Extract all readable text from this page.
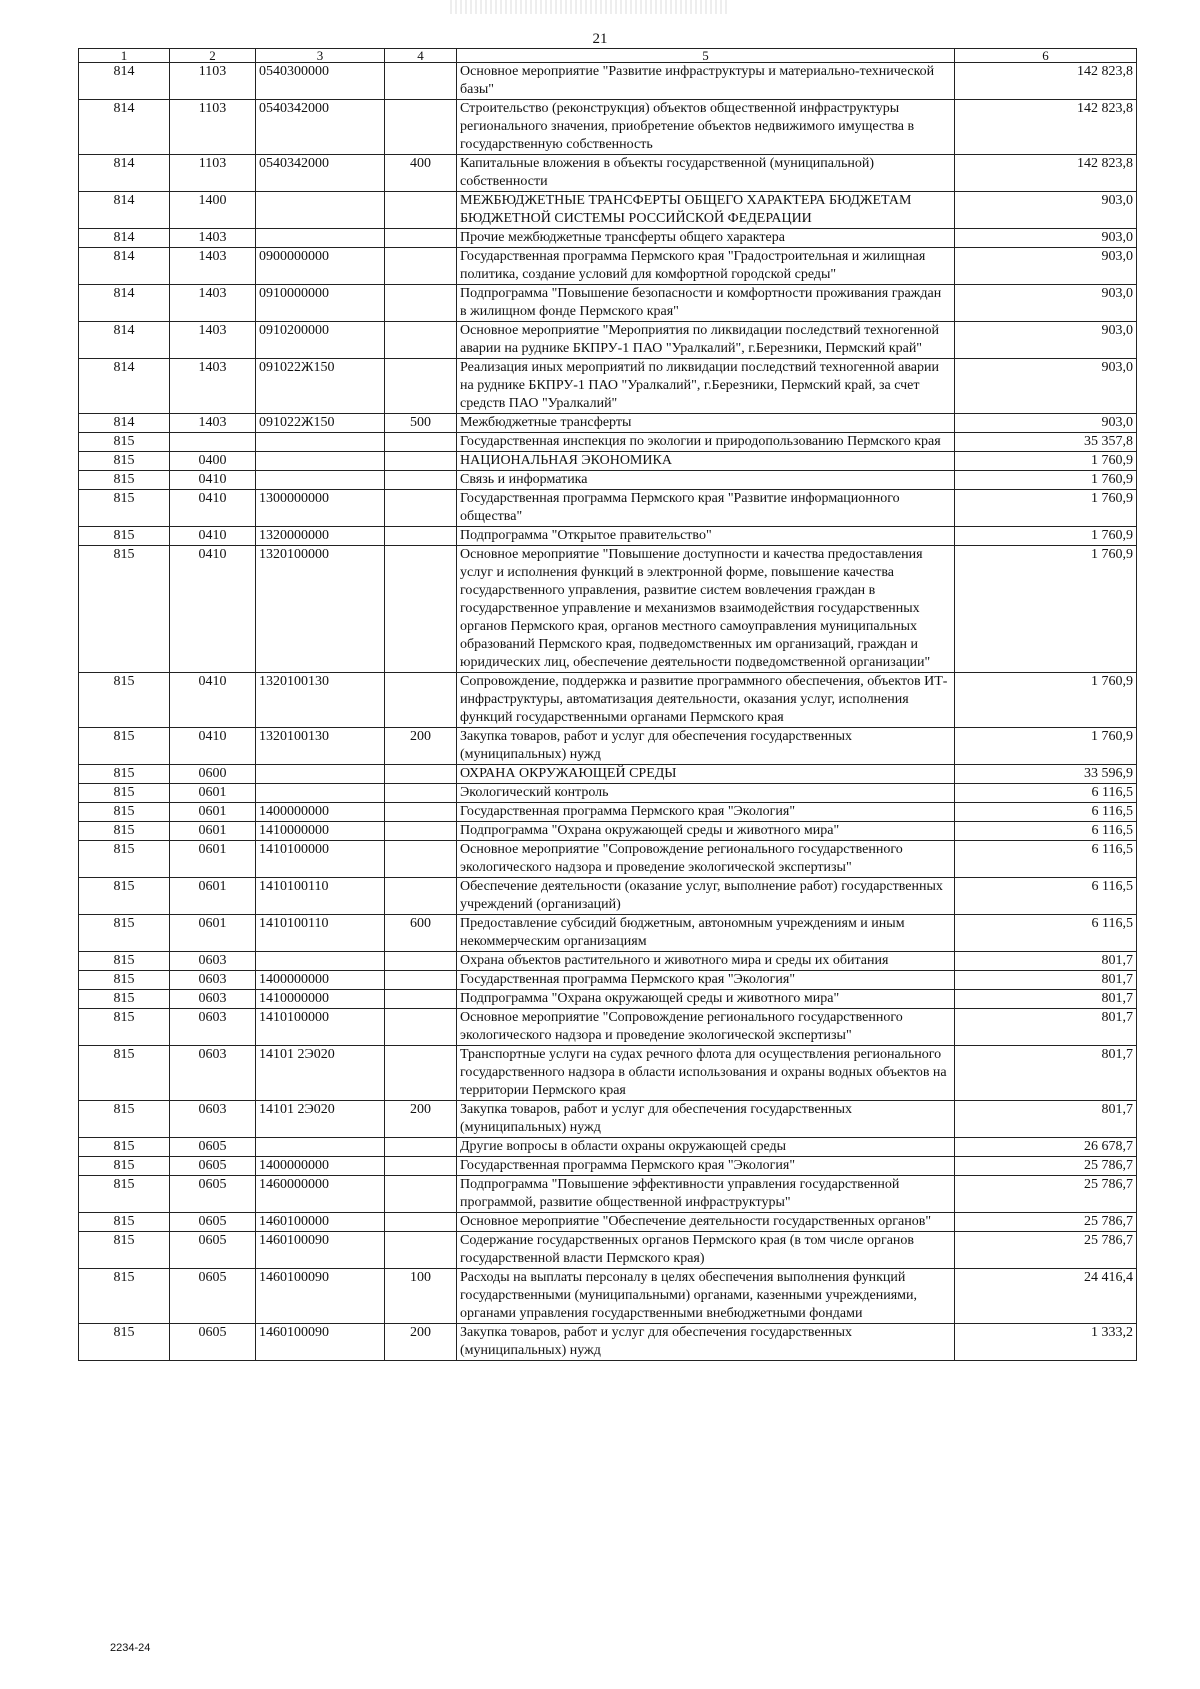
21
1	2	3	4	5	6
814	1103	0540300000		Основное мероприятие "Развитие инфраструктуры и материально-технической базы"	142 823,8
814	1103	0540342000		Строительство (реконструкция) объектов общественной инфраструктуры регионального значения, приобретение объектов недвижимого имущества в государственную собственность	142 823,8
814	1103	0540342000	400	Капитальные вложения в объекты государственной (муниципальной) собственности	142 823,8
814	1400			МЕЖБЮДЖЕТНЫЕ ТРАНСФЕРТЫ ОБЩЕГО ХАРАКТЕРА БЮДЖЕТАМ БЮДЖЕТНОЙ СИСТЕМЫ РОССИЙСКОЙ ФЕДЕРАЦИИ	903,0
814	1403			Прочие межбюджетные трансферты общего характера	903,0
814	1403	0900000000		Государственная программа Пермского края "Градостроительная и жилищная политика, создание условий для комфортной городской среды"	903,0
814	1403	0910000000		Подпрограмма "Повышение безопасности и комфортности проживания граждан в жилищном фонде Пермского края"	903,0
814	1403	0910200000		Основное мероприятие "Мероприятия по ликвидации последствий техногенной аварии на руднике БКПРУ-1 ПАО "Уралкалий", г.Березники, Пермский край"	903,0
814	1403	091022Ж150		Реализация иных мероприятий по ликвидации последствий техногенной аварии на руднике БКПРУ-1 ПАО "Уралкалий", г.Березники, Пермский край, за счет средств ПАО "Уралкалий"	903,0
814	1403	091022Ж150	500	Межбюджетные трансферты	903,0
815				Государственная инспекция по экологии и природопользованию Пермского края	35 357,8
815	0400			НАЦИОНАЛЬНАЯ ЭКОНОМИКА	1 760,9
815	0410			Связь и информатика	1 760,9
815	0410	1300000000		Государственная программа Пермского края "Развитие информационного общества"	1 760,9
815	0410	1320000000		Подпрограмма "Открытое правительство"	1 760,9
815	0410	1320100000		Основное мероприятие "Повышение доступности и качества предоставления услуг и исполнения функций в электронной форме, повышение качества государственного управления, развитие систем вовлечения граждан в государственное управление и механизмов взаимодействия государственных органов Пермского края, органов местного самоуправления муниципальных образований Пермского края, подведомственных им организаций, граждан и юридических лиц, обеспечение деятельности подведомственной организации"	1 760,9
815	0410	1320100130		Сопровождение, поддержка и развитие программного обеспечения, объектов ИТ-инфраструктуры, автоматизация деятельности, оказания услуг, исполнения функций государственными органами Пермского края	1 760,9
815	0410	1320100130	200	Закупка товаров, работ и услуг для обеспечения государственных (муниципальных) нужд	1 760,9
815	0600			ОХРАНА ОКРУЖАЮЩЕЙ СРЕДЫ	33 596,9
815	0601			Экологический контроль	6 116,5
815	0601	1400000000		Государственная программа Пермского края "Экология"	6 116,5
815	0601	1410000000		Подпрограмма "Охрана окружающей среды и животного мира"	6 116,5
815	0601	1410100000		Основное мероприятие "Сопровождение регионального государственного экологического надзора и проведение экологической экспертизы"	6 116,5
815	0601	1410100110		Обеспечение деятельности (оказание услуг, выполнение работ) государственных учреждений (организаций)	6 116,5
815	0601	1410100110	600	Предоставление субсидий бюджетным, автономным учреждениям и иным некоммерческим организациям	6 116,5
815	0603			Охрана объектов растительного и животного мира и среды их обитания	801,7
815	0603	1400000000		Государственная программа Пермского края "Экология"	801,7
815	0603	1410000000		Подпрограмма "Охрана окружающей среды и животного мира"	801,7
815	0603	1410100000		Основное мероприятие "Сопровождение регионального государственного экологического надзора и проведение экологической экспертизы"	801,7
815	0603	14101 2Э020		Транспортные услуги на судах речного флота для осуществления регионального государственного надзора в области использования и охраны водных объектов на территории Пермского края	801,7
815	0603	14101 2Э020	200	Закупка товаров, работ и услуг для обеспечения государственных (муниципальных) нужд	801,7
815	0605			Другие вопросы в области охраны окружающей среды	26 678,7
815	0605	1400000000		Государственная программа Пермского края "Экология"	25 786,7
815	0605	1460000000		Подпрограмма "Повышение эффективности управления государственной программой, развитие общественной инфраструктуры"	25 786,7
815	0605	1460100000		Основное мероприятие "Обеспечение деятельности государственных органов"	25 786,7
815	0605	1460100090		Содержание государственных органов Пермского края (в том числе органов государственной власти Пермского края)	25 786,7
815	0605	1460100090	100	Расходы на выплаты персоналу в целях обеспечения выполнения функций государственными (муниципальными) органами, казенными учреждениями, органами управления государственными внебюджетными фондами	24 416,4
815	0605	1460100090	200	Закупка товаров, работ и услуг для обеспечения государственных (муниципальных) нужд	1 333,2
2234-24
